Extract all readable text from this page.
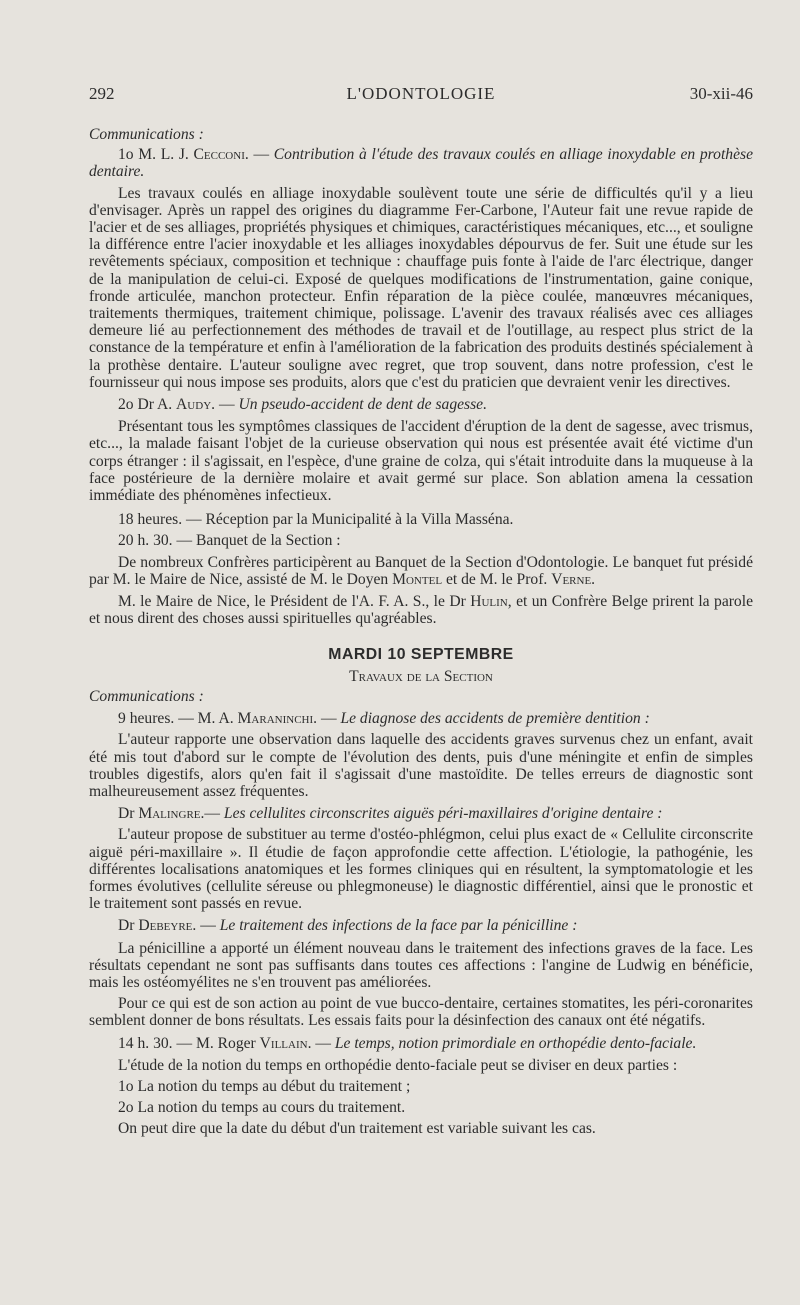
L'ODONTOLOGIE
292	30-xii-46

Communications :

1o M. L. J. Cecconi. — Contribution à l'étude des travaux coulés en alliage inoxydable en prothèse dentaire.

Les travaux coulés en alliage inoxydable soulèvent toute une série de difficultés qu'il y a lieu d'envisager. Après un rappel des origines du diagramme Fer-Carbone, l'Auteur fait une revue rapide de l'acier et de ses alliages, propriétés physiques et chimiques, caractéristiques mécaniques, etc..., et souligne la différence entre l'acier inoxydable et les alliages inoxydables dépourvus de fer. Suit une étude sur les revêtements spéciaux, composition et technique : chauffage puis fonte à l'aide de l'arc électrique, danger de la manipulation de celui-ci. Exposé de quelques modifications de l'instrumentation, gaine conique, fronde articulée, manchon protecteur. Enfin réparation de la pièce coulée, manœuvres mécaniques, traitements thermiques, traitement chimique, polissage. L'avenir des travaux réalisés avec ces alliages demeure lié au perfectionnement des méthodes de travail et de l'outillage, au respect plus strict de la constance de la température et enfin à l'amélioration de la fabrication des produits destinés spécialement à la prothèse dentaire. L'auteur souligne avec regret, que trop souvent, dans notre profession, c'est le fournisseur qui nous impose ses produits, alors que c'est du praticien que devraient venir les directives.

2o Dr A. Audy. — Un pseudo-accident de dent de sagesse.

Présentant tous les symptômes classiques de l'accident d'éruption de la dent de sagesse, avec trismus, etc..., la malade faisant l'objet de la curieuse observation qui nous est présentée avait été victime d'un corps étranger : il s'agissait, en l'espèce, d'une graine de colza, qui s'était introduite dans la muqueuse à la face postérieure de la dernière molaire et avait germé sur place. Son ablation amena la cessation immédiate des phénomènes infectieux.

18 heures. — Réception par la Municipalité à la Villa Masséna.

20 h. 30. — Banquet de la Section :

De nombreux Confrères participèrent au Banquet de la Section d'Odontologie. Le banquet fut présidé par M. le Maire de Nice, assisté de M. le Doyen Montel et de M. le Prof. Verne.

M. le Maire de Nice, le Président de l'A. F. A. S., le Dr Hulin, et un Confrère Belge prirent la parole et nous dirent des choses aussi spirituelles qu'agréables.

MARDI 10 SEPTEMBRE

Travaux de la Section

Communications :

9 heures. — M. A. Maraninchi. — Le diagnose des accidents de première dentition :

L'auteur rapporte une observation dans laquelle des accidents graves survenus chez un enfant, avait été mis tout d'abord sur le compte de l'évolution des dents, puis d'une méningite et enfin de simples troubles digestifs, alors qu'en fait il s'agissait d'une mastoïdite. De telles erreurs de diagnostic sont malheureusement assez fréquentes.

Dr Malingre.— Les cellulites circonscrites aiguës péri-maxillaires d'origine dentaire :

L'auteur propose de substituer au terme d'ostéo-phlégmon, celui plus exact de « Cellulite circonscrite aiguë péri-maxillaire ». Il étudie de façon approfondie cette affection. L'étiologie, la pathogénie, les différentes localisations anatomiques et les formes cliniques qui en résultent, la symptomatologie et les formes évolutives (cellulite séreuse ou phlegmoneuse) le diagnostic différentiel, ainsi que le pronostic et le traitement sont passés en revue.

Dr Debeyre. — Le traitement des infections de la face par la pénicilline :

La pénicilline a apporté un élément nouveau dans le traitement des infections graves de la face. Les résultats cependant ne sont pas suffisants dans toutes ces affections : l'angine de Ludwig en bénéficie, mais les ostéomyélites ne s'en trouvent pas améliorées.

Pour ce qui est de son action au point de vue bucco-dentaire, certaines stomatites, les péri-coronarites semblent donner de bons résultats. Les essais faits pour la désinfection des canaux ont été négatifs.

14 h. 30. — M. Roger Villain. — Le temps, notion primordiale en orthopédie dento-faciale.

L'étude de la notion du temps en orthopédie dento-faciale peut se diviser en deux parties :

1o La notion du temps au début du traitement ;

2o La notion du temps au cours du traitement.

On peut dire que la date du début d'un traitement est variable suivant les cas.
